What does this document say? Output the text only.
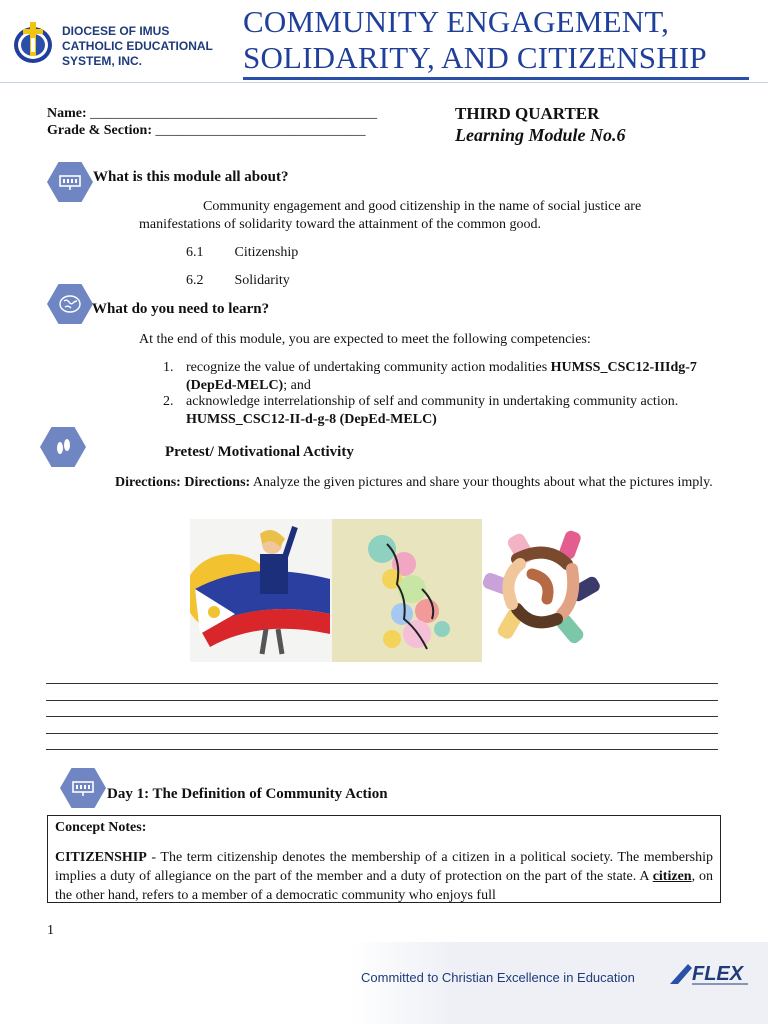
DIOCESE OF IMUS
CATHOLIC EDUCATIONAL
SYSTEM, INC.
COMMUNITY ENGAGEMENT,
SOLIDARITY, AND CITIZENSHIP
Name: _________________________________________
Grade & Section: ______________________________
THIRD QUARTER
Learning Module No.6
What is this module all about?
Community engagement and good citizenship in the name of social justice are manifestations of solidarity toward the attainment of the common good.
6.1 Citizenship
6.2 Solidarity
What do you need to learn?
At the end of this module, you are expected to meet the following competencies:
1. recognize the value of undertaking community action modalities HUMSS_CSC12-IIIdg-7 (DepEd-MELC); and
2. acknowledge interrelationship of self and community in undertaking community action. HUMSS_CSC12-II-d-g-8 (DepEd-MELC)
Pretest/ Motivational Activity
Directions: Directions: Analyze the given pictures and share your thoughts about what the pictures imply.
Day 1: The Definition of Community Action
Concept Notes:
CITIZENSHIP - The term citizenship denotes the membership of a citizen in a political society. The membership implies a duty of allegiance on the part of the member and a duty of protection on the part of the state. A citizen, on the other hand, refers to a member of a democratic community who enjoys full
1
Committed to Christian Excellence in Education	FLEX
